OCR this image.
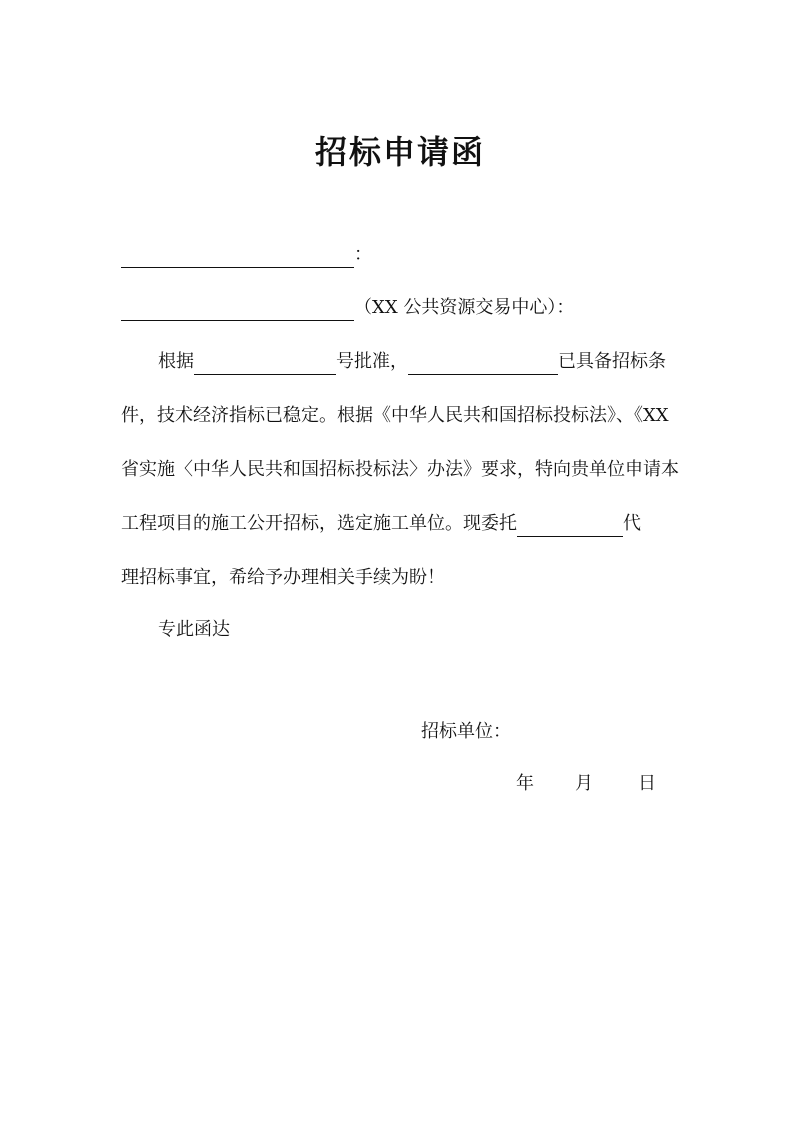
招标申请函
：
（XX 公共资源交易中心）：
根据	号批准，	已具备招标条
件，技术经济指标已稳定。根据《中华人民共和国招标投标法》、《XX
省实施〈中华人民共和国招标投标法〉办法》要求，特向贵单位申请本
工程项目的施工公开招标，选定施工单位。现委托	代
理招标事宜，希给予办理相关手续为盼！
专此函达
招标单位：
年 月	日
